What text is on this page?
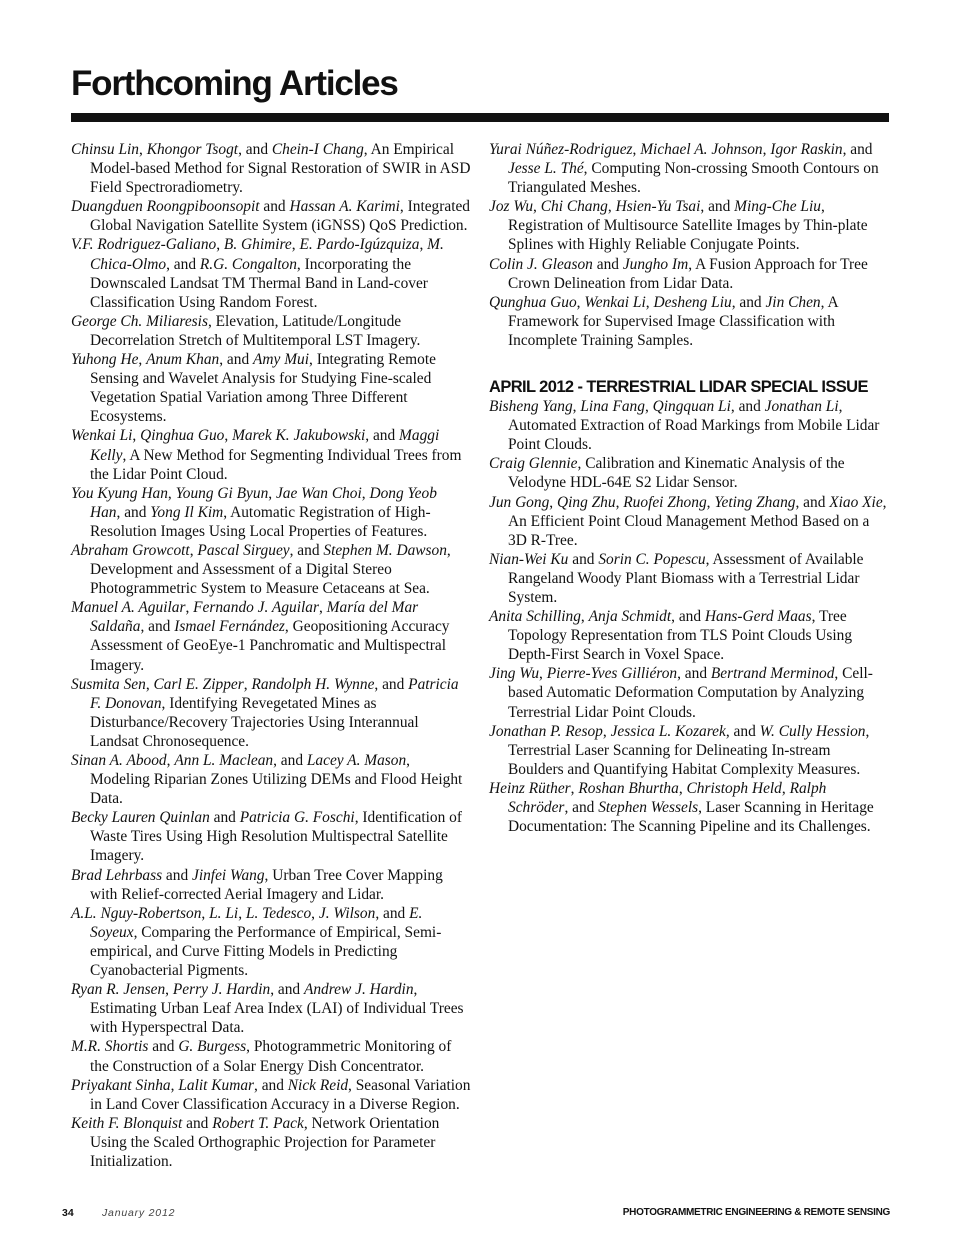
Forthcoming Articles

Chinsu Lin, Khongor Tsogt, and Chein-I Chang, An Empirical Model-based Method for Signal Restoration of SWIR in ASD Field Spectroradiometry.

Duangduen Roongpiboonsopit and Hassan A. Karimi, Integrated Global Navigation Satellite System (iGNSS) QoS Prediction.

V.F. Rodriguez-Galiano, B. Ghimire, E. Pardo-Igúzquiza, M. Chica-Olmo, and R.G. Congalton, Incorporating the Downscaled Landsat TM Thermal Band in Land-cover Classification Using Random Forest.

George Ch. Miliaresis, Elevation, Latitude/Longitude Decorrelation Stretch of Multitemporal LST Imagery.

Yuhong He, Anum Khan, and Amy Mui, Integrating Remote Sensing and Wavelet Analysis for Studying Fine-scaled Vegetation Spatial Variation among Three Different Ecosystems.

Wenkai Li, Qinghua Guo, Marek K. Jakubowski, and Maggi Kelly, A New Method for Segmenting Individual Trees from the Lidar Point Cloud.

You Kyung Han, Young Gi Byun, Jae Wan Choi, Dong Yeob Han, and Yong Il Kim, Automatic Registration of High-Resolution Images Using Local Properties of Features.

Abraham Growcott, Pascal Sirguey, and Stephen M. Dawson, Development and Assessment of a Digital Stereo Photogrammetric System to Measure Cetaceans at Sea.

Manuel A. Aguilar, Fernando J. Aguilar, María del Mar Saldaña, and Ismael Fernández, Geopositioning Accuracy Assessment of GeoEye-1 Panchromatic and Multispectral Imagery.

Susmita Sen, Carl E. Zipper, Randolph H. Wynne, and Patricia F. Donovan, Identifying Revegetated Mines as Disturbance/Recovery Trajectories Using Interannual Landsat Chronosequence.

Sinan A. Abood, Ann L. Maclean, and Lacey A. Mason, Modeling Riparian Zones Utilizing DEMs and Flood Height Data.

Becky Lauren Quinlan and Patricia G. Foschi, Identification of Waste Tires Using High Resolution Multispectral Satellite Imagery.

Brad Lehrbass and Jinfei Wang, Urban Tree Cover Mapping with Relief-corrected Aerial Imagery and Lidar.

A.L. Nguy-Robertson, L. Li, L. Tedesco, J. Wilson, and E. Soyeux, Comparing the Performance of Empirical, Semi-empirical, and Curve Fitting Models in Predicting Cyanobacterial Pigments.

Ryan R. Jensen, Perry J. Hardin, and Andrew J. Hardin, Estimating Urban Leaf Area Index (LAI) of Individual Trees with Hyperspectral Data.

M.R. Shortis and G. Burgess, Photogrammetric Monitoring of the Construction of a Solar Energy Dish Concentrator.

Priyakant Sinha, Lalit Kumar, and Nick Reid, Seasonal Variation in Land Cover Classification Accuracy in a Diverse Region.

Keith F. Blonquist and Robert T. Pack, Network Orientation Using the Scaled Orthographic Projection for Parameter Initialization.

Yurai Núñez-Rodriguez, Michael A. Johnson, Igor Raskin, and Jesse L. Thé, Computing Non-crossing Smooth Contours on Triangulated Meshes.

Joz Wu, Chi Chang, Hsien-Yu Tsai, and Ming-Che Liu, Registration of Multisource Satellite Images by Thin-plate Splines with Highly Reliable Conjugate Points.

Colin J. Gleason and Jungho Im, A Fusion Approach for Tree Crown Delineation from Lidar Data.

Qunghua Guo, Wenkai Li, Desheng Liu, and Jin Chen, A Framework for Supervised Image Classification with Incomplete Training Samples.

APRIL 2012 - TERRESTRIAL LIDAR SPECIAL ISSUE

Bisheng Yang, Lina Fang, Qingquan Li, and Jonathan Li, Automated Extraction of Road Markings from Mobile Lidar Point Clouds.

Craig Glennie, Calibration and Kinematic Analysis of the Velodyne HDL-64E S2 Lidar Sensor.

Jun Gong, Qing Zhu, Ruofei Zhong, Yeting Zhang, and Xiao Xie, An Efficient Point Cloud Management Method Based on a 3D R-Tree.

Nian-Wei Ku and Sorin C. Popescu, Assessment of Available Rangeland Woody Plant Biomass with a Terrestrial Lidar System.

Anita Schilling, Anja Schmidt, and Hans-Gerd Maas, Tree Topology Representation from TLS Point Clouds Using Depth-First Search in Voxel Space.

Jing Wu, Pierre-Yves Gilliéron, and Bertrand Merminod, Cell-based Automatic Deformation Computation by Analyzing Terrestrial Lidar Point Clouds.

Jonathan P. Resop, Jessica L. Kozarek, and W. Cully Hession, Terrestrial Laser Scanning for Delineating In-stream Boulders and Quantifying Habitat Complexity Measures.

Heinz Rüther, Roshan Bhurtha, Christoph Held, Ralph Schröder, and Stephen Wessels, Laser Scanning in Heritage Documentation: The Scanning Pipeline and its Challenges.

34	January 2012	PHOTOGRAMMETRIC ENGINEERING & REMOTE SENSING
